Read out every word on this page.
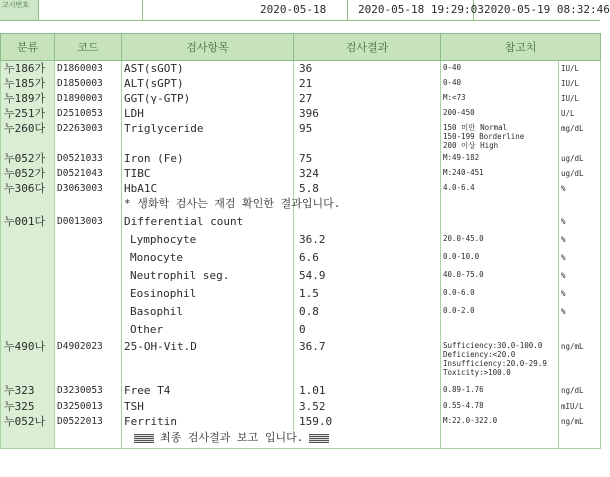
고시번호	2020-05-18	2020-05-18 19:29:03 2020-05-19 08:32:46
분류	코드	검사항목	검사결과	참고치	
누186가	D1860003	AST(sGOT)	36	0-40	IU/L
누185가	D1850003	ALT(sGPT)	21	0-40	IU/L
누189가	D1890003	GGT(γ-GTP)	27	M:<73	IU/L
누251가	D2510053	LDH	396	200-450	U/L
누260다	D2263003	Triglyceride	95	150 미만 Normal
150-199 Borderline
200 이상 High	mg/dL
누052가	D0521033	Iron (Fe)	75	M:49-182	ug/dL
누052가	D0521043	TIBC	324	M:240-451	ug/dL
누306다	D3063003	HbA1C	5.8	4.0-6.4	%
		* 생화학 검사는 재검 확인한 결과입니다.		

누001다	D0013003	Differential count			%
		Lymphocyte	36.2	20.0-45.0	%
		Monocyte	6.6	0.0-10.0	%
		Neutrophil seg.	54.9	40.0-75.0	%
		Eosinophil	1.5	0.0-6.0	%
		Basophil	0.8	0.0-2.0	%
		Other	0	

누490나	D4902023	25-OH-Vit.D	36.7	Sufficiency:30.0-100.0
Deficiency:<20.0
Insufficiency:20.0-29.9
Toxicity:>100.0	ng/mL
누323	D3230053	Free T4	1.01	0.89-1.76	ng/dL
누325	D3250013	TSH	3.52	0.55-4.78	mIU/L
누052나	D0522013	Ferritin	159.0	M:22.0-322.0	ng/mL
		최종 검사결과 보고 입니다.			
